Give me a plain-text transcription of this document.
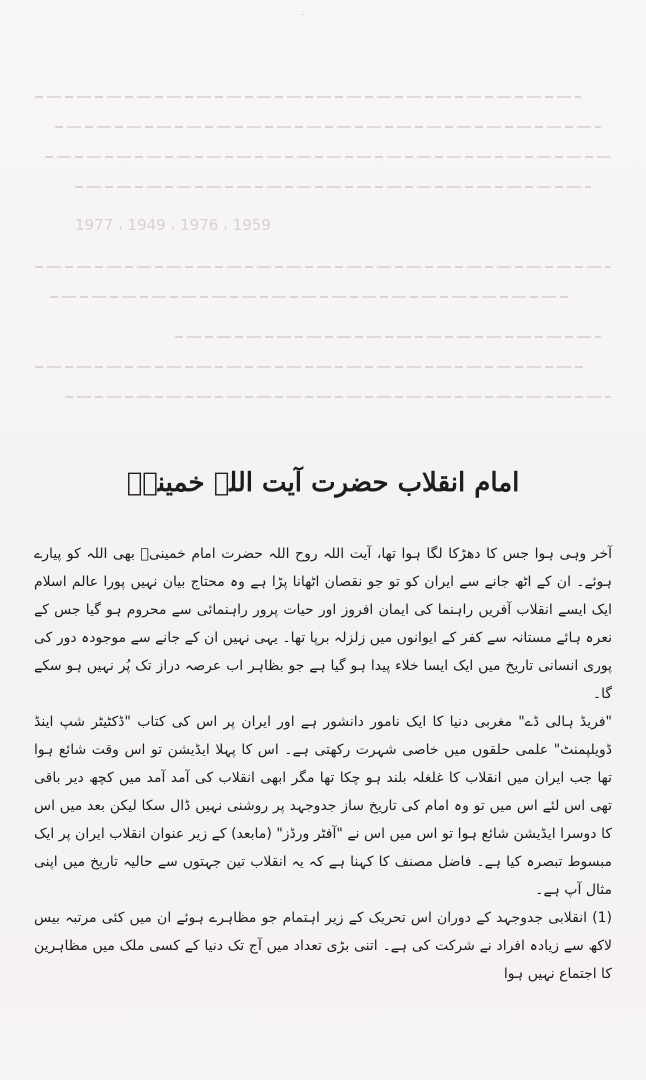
۔
1977 ، 1949 ، 1976 ، 1959
امام انقلاب حضرت آیت اللہ خمینیؒ

آخر وہی ہوا جس کا دھڑکا لگا ہوا تھا، آیت اللہ روح اللہ حضرت امام خمینیؒ بھی اللہ کو پیارے ہوئے۔ ان کے اٹھ جانے سے ایران کو تو جو نقصان اٹھانا پڑا ہے وہ محتاج بیان نہیں پورا عالم اسلام ایک ایسے انقلاب آفریں راہنما کی ایمان افروز اور حیات پرور راہنمائی سے محروم ہو گیا جس کے نعرہ ہائے مستانہ سے کفر کے ایوانوں میں زلزلہ برپا تھا۔ یہی نہیں ان کے جانے سے موجودہ دور کی پوری انسانی تاریخ میں ایک ایسا خلاء پیدا ہو گیا ہے جو بظاہر اب عرصہ دراز تک پُر نہیں ہو سکے گا۔

"فریڈ ہالی ڈے" مغربی دنیا کا ایک نامور دانشور ہے اور ایران پر اس کی کتاب "ڈکٹیٹر شپ اینڈ ڈویلپمنٹ" علمی حلقوں میں خاصی شہرت رکھتی ہے۔ اس کا پہلا ایڈیشن تو اس وقت شائع ہوا تھا جب ایران میں انقلاب کا غلغلہ بلند ہو چکا تھا مگر ابھی انقلاب کی آمد آمد میں کچھ دیر باقی تھی اس لئے اس میں تو وہ امام کی تاریخ ساز جدوجہد پر روشنی نہیں ڈال سکا لیکن بعد میں اس کا دوسرا ایڈیشن شائع ہوا تو اس میں اس نے "آفٹر ورڈز" (مابعد) کے زیر عنوان انقلاب ایران پر ایک مبسوط تبصرہ کیا ہے۔ فاضل مصنف کا کہنا ہے کہ یہ انقلاب تین جہتوں سے حالیہ تاریخ میں اپنی مثال آپ ہے۔

(1) انقلابی جدوجہد کے دوران اس تحریک کے زیر اہتمام جو مظاہرے ہوئے ان میں کئی مرتبہ بیس لاکھ سے زیادہ افراد نے شرکت کی ہے۔ اتنی بڑی تعداد میں آج تک دنیا کے کسی ملک میں مظاہرین کا اجتماع نہیں ہوا
